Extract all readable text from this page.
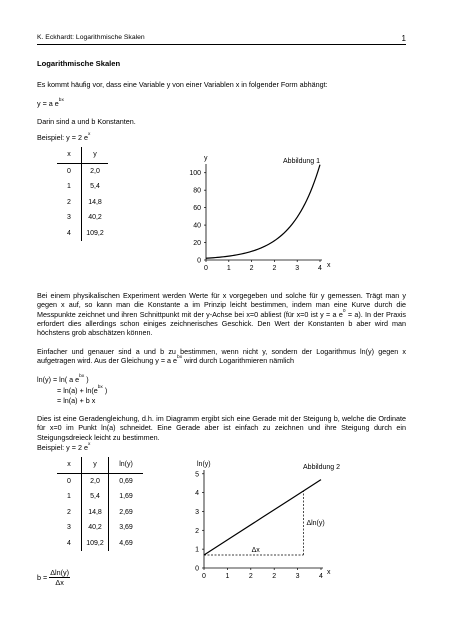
K. Eckhardt: Logarithmische Skalen	1
Logarithmische Skalen
Es kommt häufig vor, dass eine Variable y von einer Variablen x in folgender Form abhängt:
y = a $e^{bx}$
Darin sind a und b Konstanten.
Beispiel: y = 2 $e^x$
x	y
0	2,0
1	5,4
2	14,8
3	40,2
4	109,2
y	Abbildung 1
x
0
20
40
60
80
100
0	1	2	2	3	4

Bei einem physikalischen Experiment werden Werte für x vorgegeben und solche für y gemessen. Trägt man y gegen x auf, so kann man die Konstante a im Prinzip leicht bestimmen, indem man eine Kurve durch die Messpunkte zeichnet und ihren Schnittpunkt mit der y-Achse bei x=0 abliest (für x=0 ist y = a $e^0 = a$). In der Praxis erfordert dies allerdings schon einiges zeichnerisches Geschick. Den Wert der Konstanten b aber wird man höchstens grob abschätzen können.

Einfacher und genauer sind a und b zu bestimmen, wenn nicht y, sondern der Logarithmus ln(y) gegen x aufgetragen wird. Aus der Gleichung y = a $e^{bx}$ wird durch Logarithmieren nämlich

ln(y) = ln( a $e^{bx}$ )
= $\ln(a) + \ln(e^{bx}$ )
= ln(a) + b x

Dies ist eine Geradengleichung, d.h. im Diagramm ergibt sich eine Gerade mit der Steigung b, welche die Ordinate für x=0 im Punkt ln(a) schneidet. Eine Gerade aber ist einfach zu zeichnen und ihre Steigung durch ein Steigungsdreieck leicht zu bestimmen.

Beispiel: y = 2 $e^x$
x	y	ln(y)
0	2,0	0,69
1	5,4	1,69
2	14,8	2,69
3	40,2	3,69
4	109,2	4,69
ln(y)	Abbildung 2
x
0
1
2
3
4
5
0	1	2	2	3	4
Δx
Δln(y)
$b = \frac{\Delta\ln(y)}{\Delta x}$
